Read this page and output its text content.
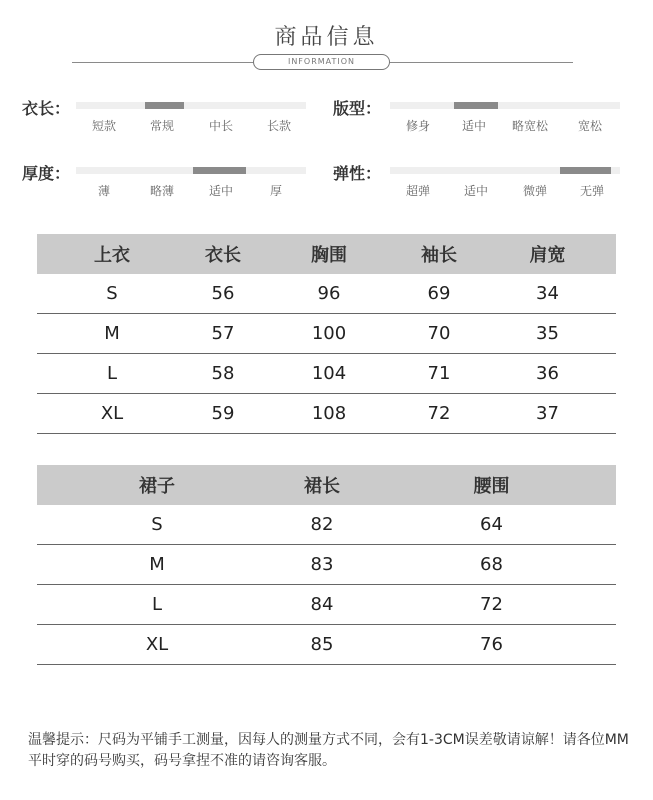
商品信息
INFORMATION
衣长：
短款	常规	中长	长款
版型：
修身	适中 略宽松 宽松
厚度：
薄	略薄	适中	厚
弹性：
超弹	适中	微弹	无弹
上衣	衣长	胸围	袖长	肩宽
S	56	96	69	34
M	57	100	70	35
L	58	104	71	36
XL	59	108	72	37
裙子	裙长	腰围
S	82	64
M	83	68
L	84	72
XL	85	76
温馨提示：尺码为平铺手工测量，因每人的测量方式不同，会有1-3CM误差敬请谅解！请各位MM平时穿的码号购买，码号拿捏不准的请咨询客服。
